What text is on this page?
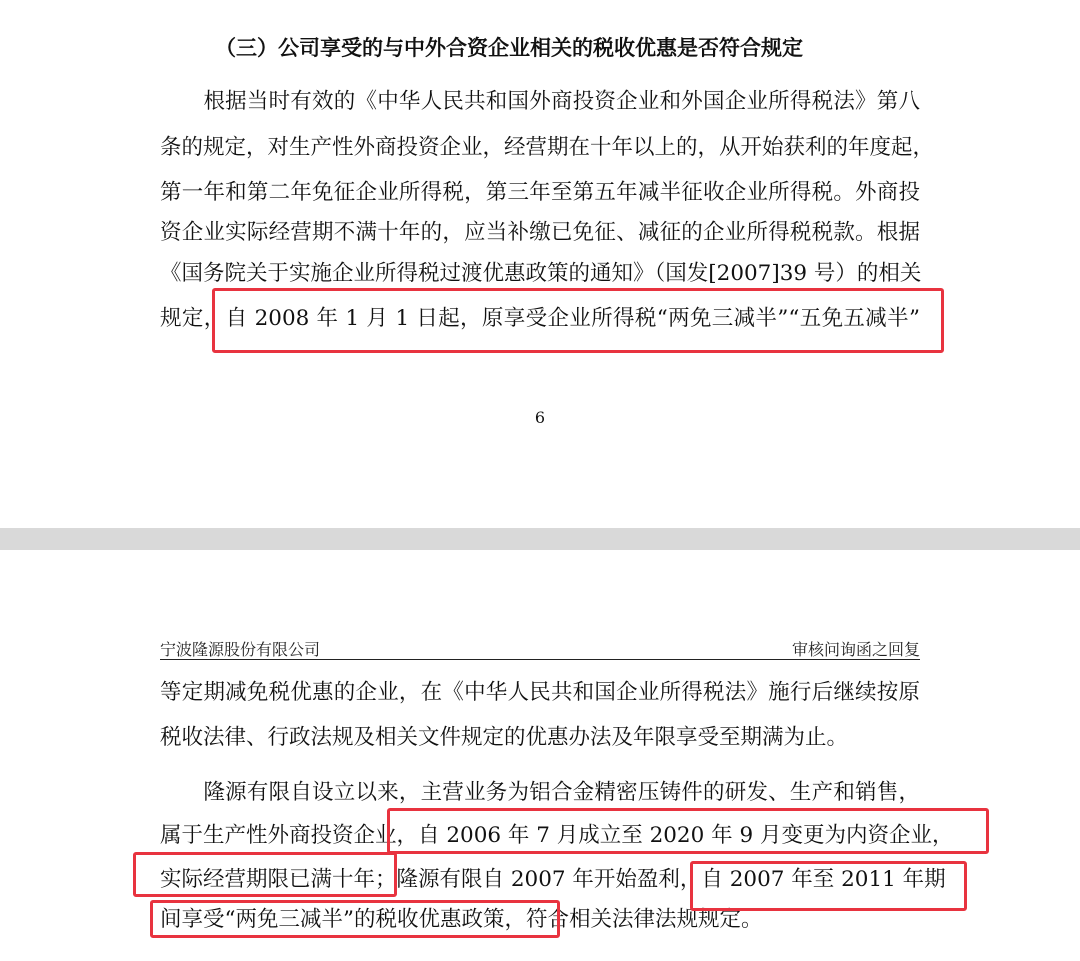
（三）公司享受的与中外合资企业相关的税收优惠是否符合规定
　　根据当时有效的《中华人民共和国外商投资企业和外国企业所得税法》第八
条的规定，对生产性外商投资企业，经营期在十年以上的，从开始获利的年度起，
第一年和第二年免征企业所得税，第三年至第五年减半征收企业所得税。外商投
资企业实际经营期不满十年的，应当补缴已免征、减征的企业所得税税款。根据
《国务院关于实施企业所得税过渡优惠政策的通知》（国发[2007]39 号）的相关
规定，自 2008 年 1 月 1 日起，原享受企业所得税“两免三减半”“五免五减半”
6
宁波隆源股份有限公司	审核问询函之回复
等定期减免税优惠的企业，在《中华人民共和国企业所得税法》施行后继续按原
税收法律、行政法规及相关文件规定的优惠办法及年限享受至期满为止。
　　隆源有限自设立以来，主营业务为铝合金精密压铸件的研发、生产和销售，
属于生产性外商投资企业，自 2006 年 7 月成立至 2020 年 9 月变更为内资企业，
实际经营期限已满十年；隆源有限自 2007 年开始盈利，自 2007 年至 2011 年期
间享受“两免三减半”的税收优惠政策，符合相关法律法规规定。
